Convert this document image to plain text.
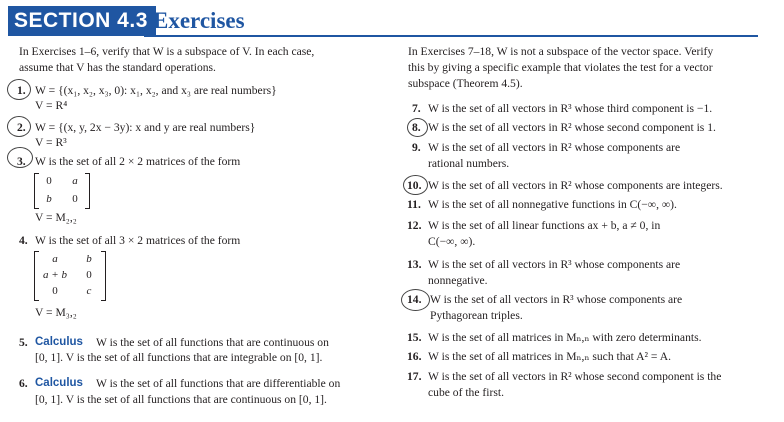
SECTION 4.3 Exercises
In Exercises 1–6, verify that W is a subspace of V. In each case,
assume that V has the standard operations.
1. W = {(x₁, x₂, x₃, 0): x₁, x₂, and x₃ are real numbers}
V = R⁴
2. W = {(x, y, 2x − 3y): x and y are real numbers}
V = R³
3. W is the set of all 2 × 2 matrices of the form
0	a
b	0
V = M₂,₂
4. W is the set of all 3 × 2 matrices of the form
a	b
a + b	0
0	c
V = M₃,₂
5. Calculus W is the set of all functions that are continuous on
[0, 1]. V is the set of all functions that are integrable on [0, 1].
6. Calculus W is the set of all functions that are differentiable on
[0, 1]. V is the set of all functions that are continuous on [0, 1].
In Exercises 7–18, W is not a subspace of the vector space. Verify
this by giving a specific example that violates the test for a vector
subspace (Theorem 4.5).
7. W is the set of all vectors in R³ whose third component is −1.
8. W is the set of all vectors in R² whose second component is 1.
9. W is the set of all vectors in R² whose components are
rational numbers.
10. W is the set of all vectors in R² whose components are integers.
11. W is the set of all nonnegative functions in C(−∞, ∞).
12. W is the set of all linear functions ax + b, a ≠ 0, in
C(−∞, ∞).
13. W is the set of all vectors in R³ whose components are
nonnegative.
14. W is the set of all vectors in R³ whose components are
Pythagorean triples.
15. W is the set of all matrices in Mₙ,ₙ with zero determinants.
16. W is the set of all matrices in Mₙ,ₙ such that A² = A.
17. W is the set of all vectors in R² whose second component is the
cube of the first.
